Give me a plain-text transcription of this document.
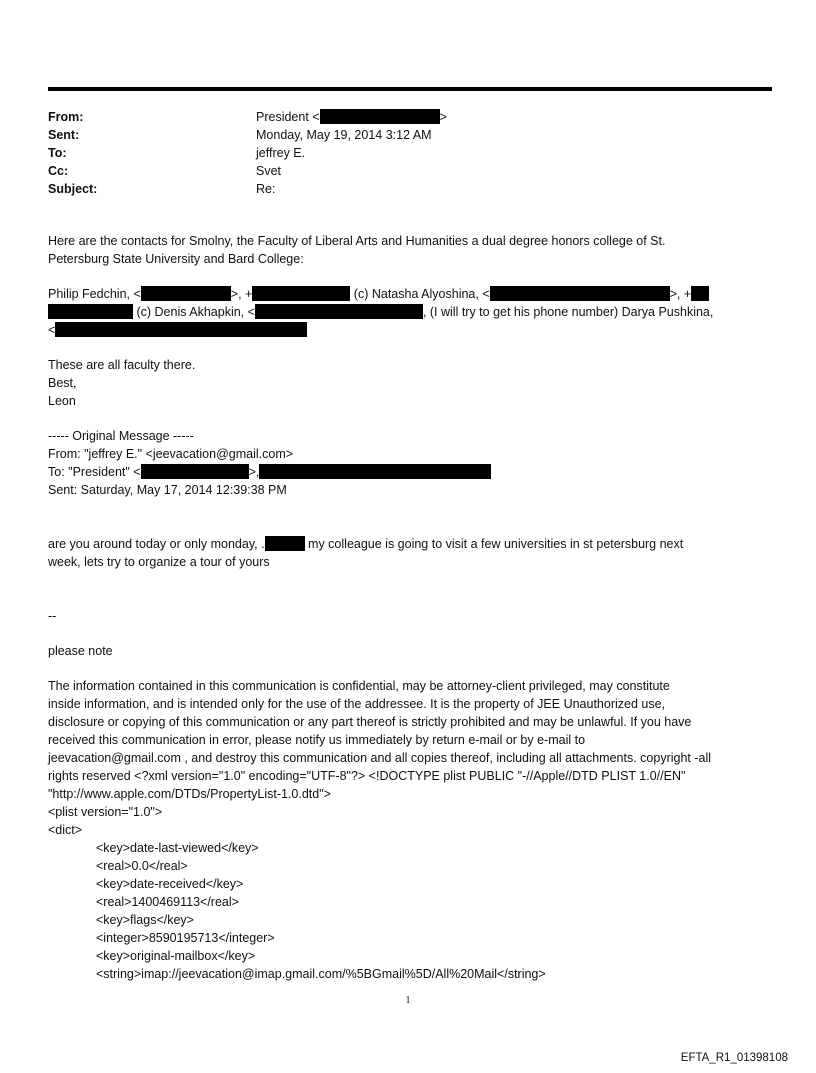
From:	President <	>
Sent:	Monday, May 19, 2014 3:12 AM
To:	jeffrey E.
Cc:	Svet
Subject:	Re:

Here are the contacts for Smolny, the Faculty of Liberal Arts and Humanities a dual degree honors college of St.

Petersburg State University and Bard College:

Philip Fedchin, <	>, +	(c) Natasha Alyoshina, <	>, +

(c) Denis Akhapkin, <	, (I will try to get his phone number) Darya Pushkina,

<

These are all faculty there.

Best,

Leon

----- Original Message -----

From: "jeffrey E." <jeevacation@gmail.com>

To: "President" <	>,

Sent: Saturday, May 17, 2014 12:39:38 PM

are you around today or only monday, .	my colleague is going to visit a few universities in st petersburg next

week, lets try to organize a tour of yours

--

please note

The information contained in this communication is confidential, may be attorney-client privileged, may constitute

inside information, and is intended only for the use of the addressee. It is the property of JEE Unauthorized use,

disclosure or copying of this communication or any part thereof is strictly prohibited and may be unlawful. If you have

received this communication in error, please notify us immediately by return e-mail or by e-mail to

jeevacation@gmail.com , and destroy this communication and all copies thereof, including all attachments. copyright -all

rights reserved <?xml version="1.0" encoding="UTF-8"?> <!DOCTYPE plist PUBLIC "-//Apple//DTD PLIST 1.0//EN"

"http://www.apple.com/DTDs/PropertyList-1.0.dtd">

<plist version="1.0">

<dict>

<key>date-last-viewed</key>

<real>0.0</real>

<key>date-received</key>

<real>1400469113</real>

<key>flags</key>

<integer>8590195713</integer>

<key>original-mailbox</key>

<string>imap://jeevacation@imap.gmail.com/%5BGmail%5D/All%20Mail</string>

1
EFTA_R1_01398108
